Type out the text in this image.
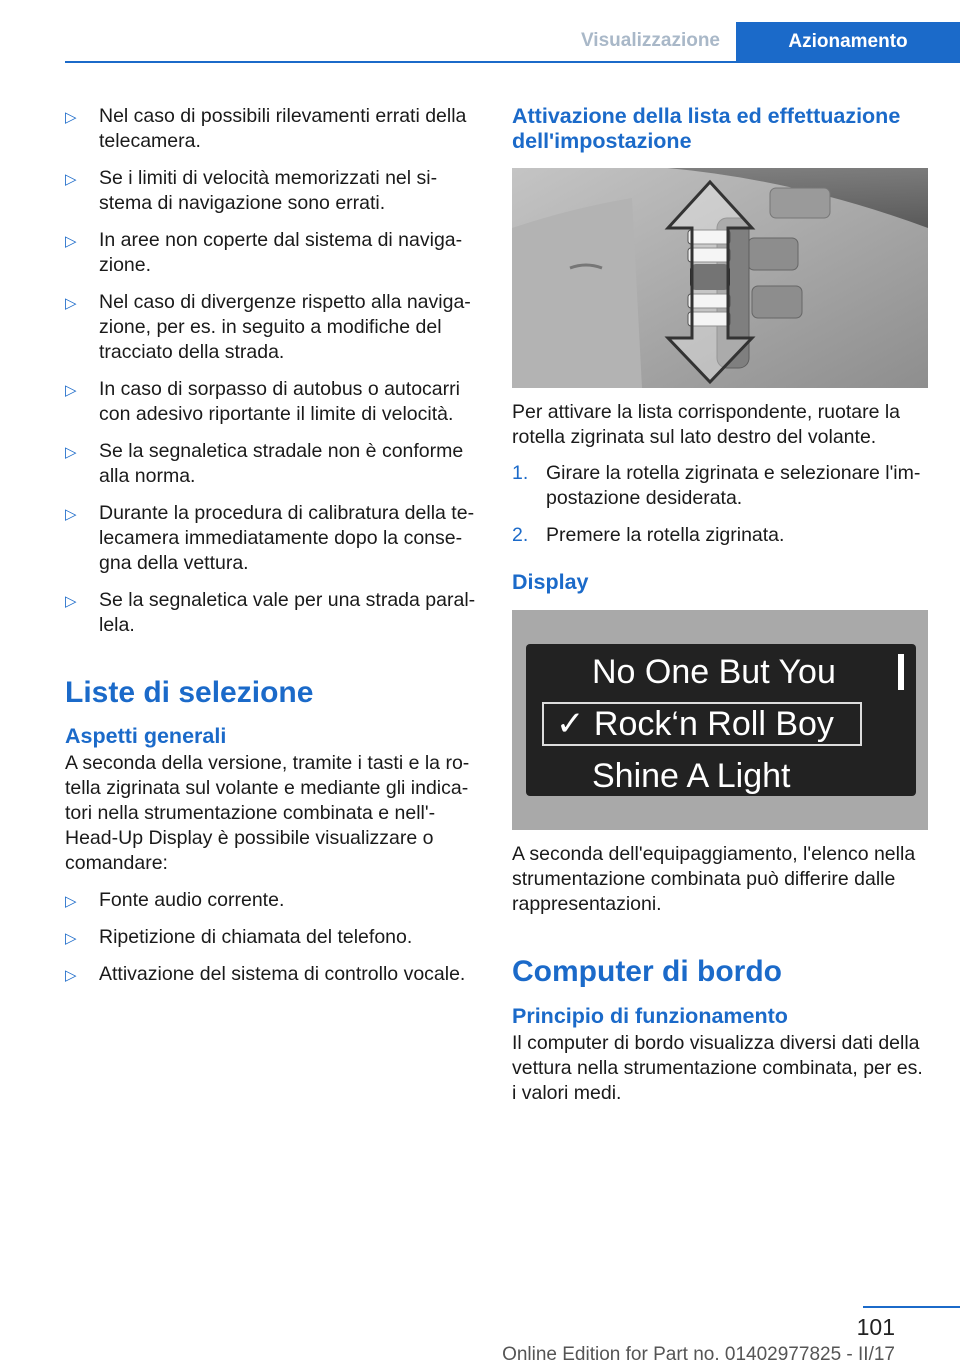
Visualizzazione	Azionamento
▷ Nel caso di possibili rilevamenti errati della telecamera.
▷ Se i limiti di velocità memorizzati nel sistema di navigazione sono errati.
▷ In aree non coperte dal sistema di navigazione.
▷ Nel caso di divergenze rispetto alla navigazione, per es. in seguito a modifiche del tracciato della strada.
▷ In caso di sorpasso di autobus o autocarri con adesivo riportante il limite di velocità.
▷ Se la segnaletica stradale non è conforme alla norma.
▷ Durante la procedura di calibratura della telecamera immediatamente dopo la consegna della vettura.
▷ Se la segnaletica vale per una strada parallela.
Liste di selezione
Aspetti generali

A seconda della versione, tramite i tasti e la rotella zigrinata sul volante e mediante gli indicatori nella strumentazione combinata e nell'-Head-Up Display è possibile visualizzare o comandare:

▷ Fonte audio corrente.
▷ Ripetizione di chiamata del telefono.
▷ Attivazione del sistema di controllo vocale.
Attivazione della lista ed effettuazione dell'impostazione

Per attivare la lista corrispondente, ruotare la rotella zigrinata sul lato destro del volante.

1. Girare la rotella zigrinata e selezionare l'impostazione desiderata.
2. Premere la rotella zigrinata.
Display
No One But You
✓ Rock‘n Roll Boy
Shine A Light

A seconda dell'equipaggiamento, l'elenco nella strumentazione combinata può differire dalle rappresentazioni.

Computer di bordo
Principio di funzionamento

Il computer di bordo visualizza diversi dati della vettura nella strumentazione combinata, per es. i valori medi.

101
Online Edition for Part no. 01402977825 - II/17
